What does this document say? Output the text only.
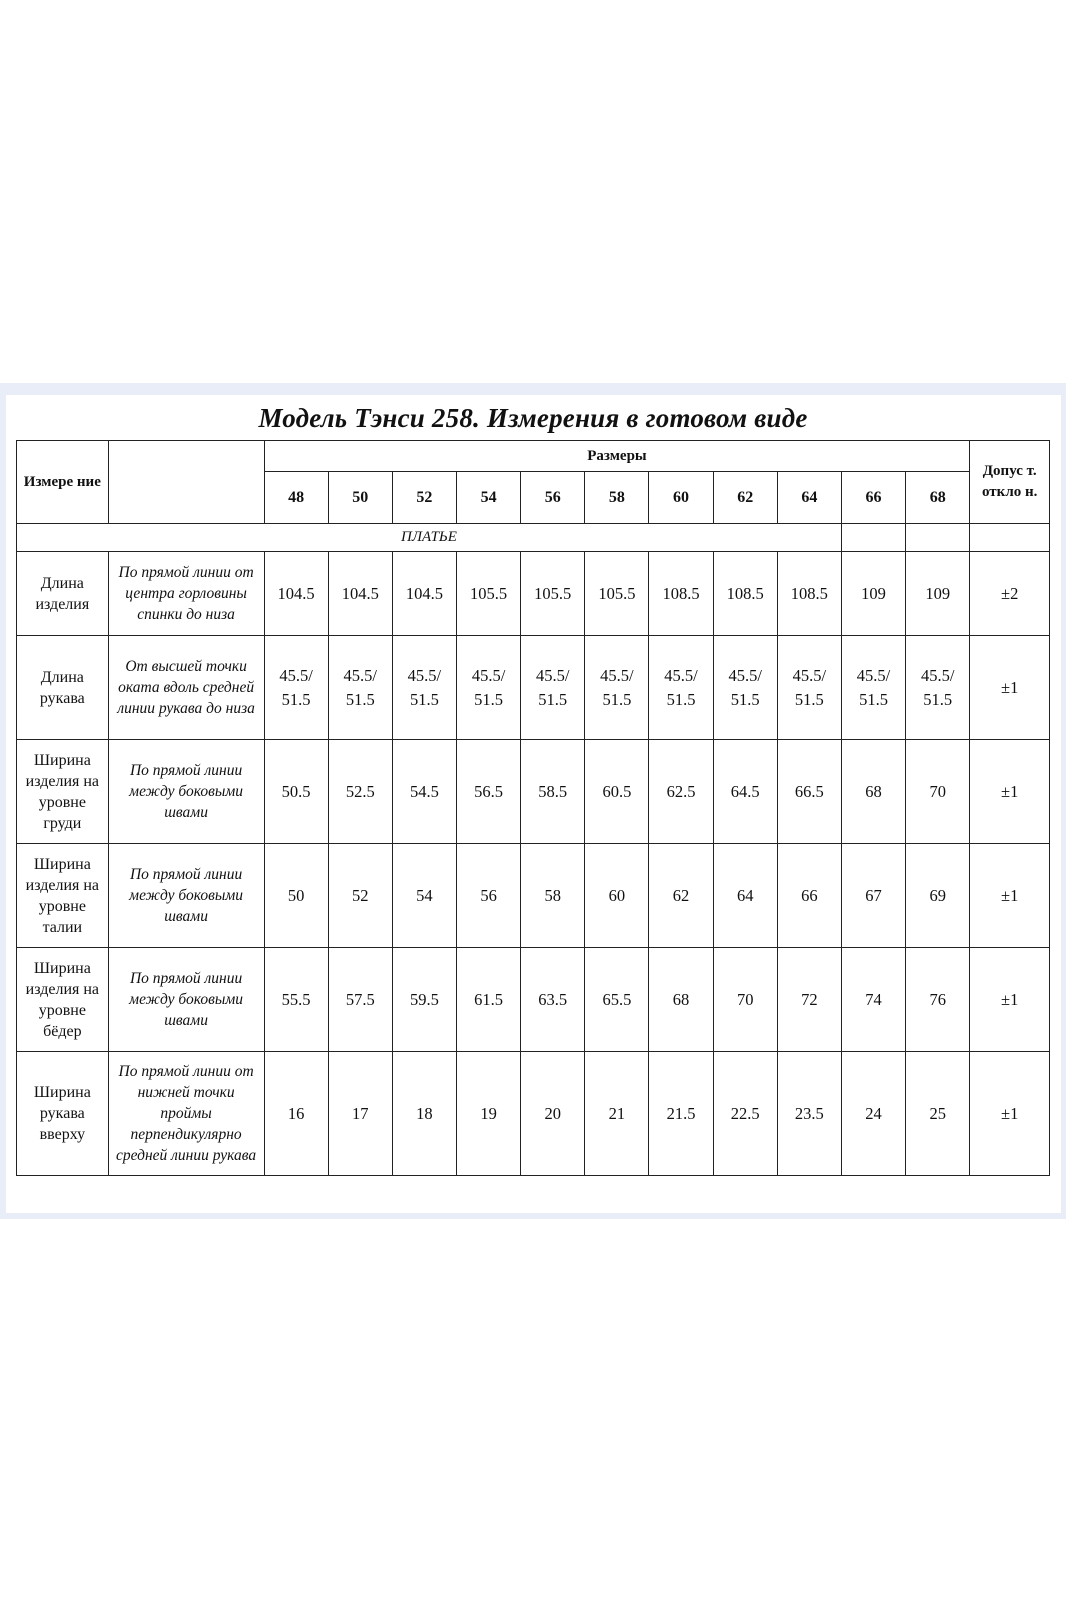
Модель Тэнси 258. Измерения в готовом виде
Измере ние		Размеры											Допус т. откло н.
		48	50	52	54	56	58	60	62	64	66	68	
ПЛАТЬЕ													
Длина изделия	По прямой линии от центра горловины спинки до низа	104.5	104.5	104.5	105.5	105.5	105.5	108.5	108.5	108.5	109	109	±2
Длина рукава	От высшей точки оката вдоль средней линии рукава до низа	45.5/ 51.5	45.5/ 51.5	45.5/ 51.5	45.5/ 51.5	45.5/ 51.5	45.5/ 51.5	45.5/ 51.5	45.5/ 51.5	45.5/ 51.5	45.5/ 51.5	45.5/ 51.5	±1
Ширина изделия на уровне груди	По прямой линии между боковыми швами	50.5	52.5	54.5	56.5	58.5	60.5	62.5	64.5	66.5	68	70	±1
Ширина изделия на уровне талии	По прямой линии между боковыми швами	50	52	54	56	58	60	62	64	66	67	69	±1
Ширина изделия на уровне бёдер	По прямой линии между боковыми швами	55.5	57.5	59.5	61.5	63.5	65.5	68	70	72	74	76	±1
Ширина рукава вверху	По прямой линии от нижней точки проймы перпендикулярно средней линии рукава	16	17	18	19	20	21	21.5	22.5	23.5	24	25	±1
